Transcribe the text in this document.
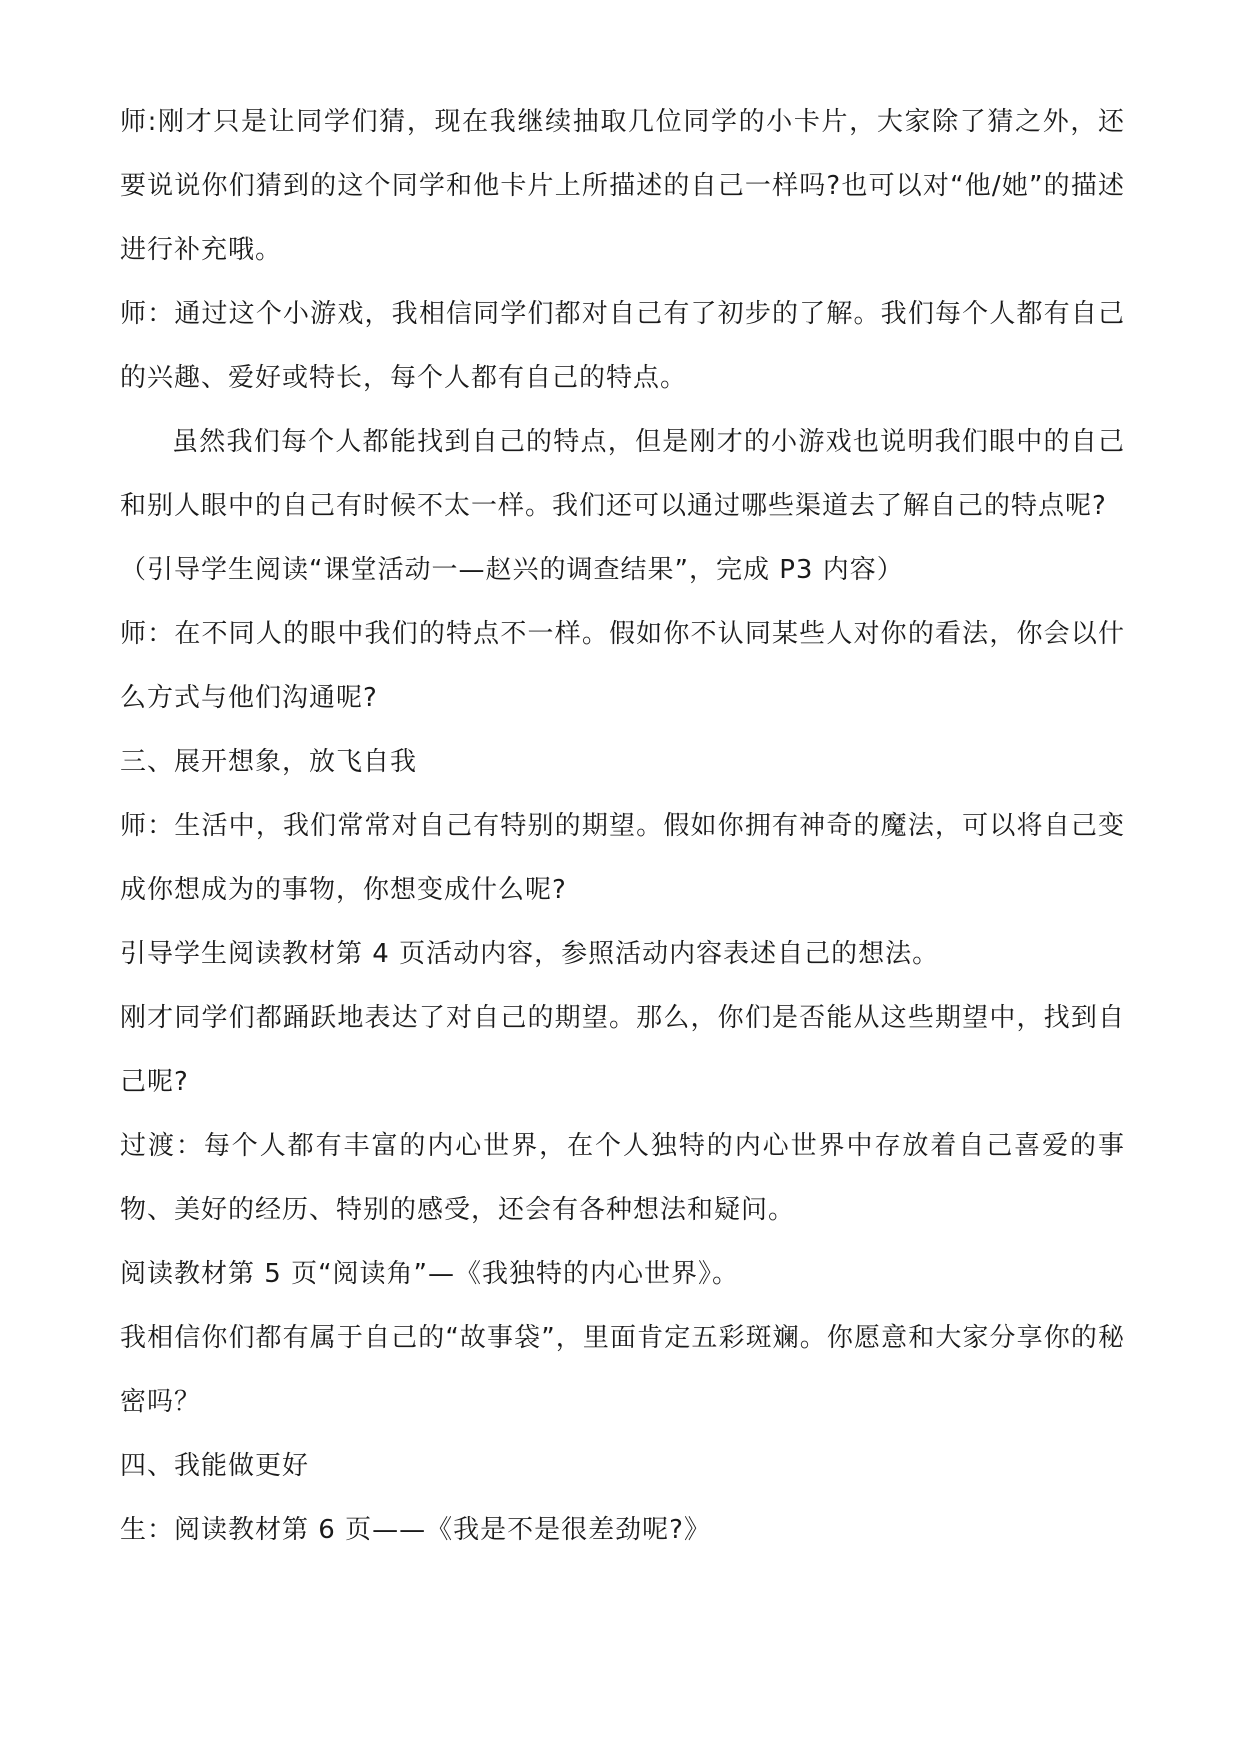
师:刚才只是让同学们猜，现在我继续抽取几位同学的小卡片，大家除了猜之外，还要说说你们猜到的这个同学和他卡片上所描述的自己一样吗?也可以对“他/她”的描述进行补充哦。

师：通过这个小游戏，我相信同学们都对自己有了初步的了解。我们每个人都有自己的兴趣、爱好或特长，每个人都有自己的特点。

虽然我们每个人都能找到自己的特点，但是刚才的小游戏也说明我们眼中的自己和别人眼中的自己有时候不太一样。我们还可以通过哪些渠道去了解自己的特点呢?

（引导学生阅读“课堂活动一—赵兴的调查结果”，完成 P3 内容）

师：在不同人的眼中我们的特点不一样。假如你不认同某些人对你的看法，你会以什么方式与他们沟通呢?

三、展开想象，放飞自我

师：生活中，我们常常对自己有特别的期望。假如你拥有神奇的魔法，可以将自己变成你想成为的事物，你想变成什么呢?

引导学生阅读教材第 4 页活动内容，参照活动内容表述自己的想法。

刚才同学们都踊跃地表达了对自己的期望。那么，你们是否能从这些期望中，找到自己呢?

过渡：每个人都有丰富的内心世界，在个人独特的内心世界中存放着自己喜爱的事物、美好的经历、特别的感受，还会有各种想法和疑问。

阅读教材第 5 页“阅读角”—《我独特的内心世界》。

我相信你们都有属于自己的“故事袋”，里面肯定五彩斑斓。你愿意和大家分享你的秘密吗？

四、我能做更好

生：阅读教材第 6 页——《我是不是很差劲呢?》
